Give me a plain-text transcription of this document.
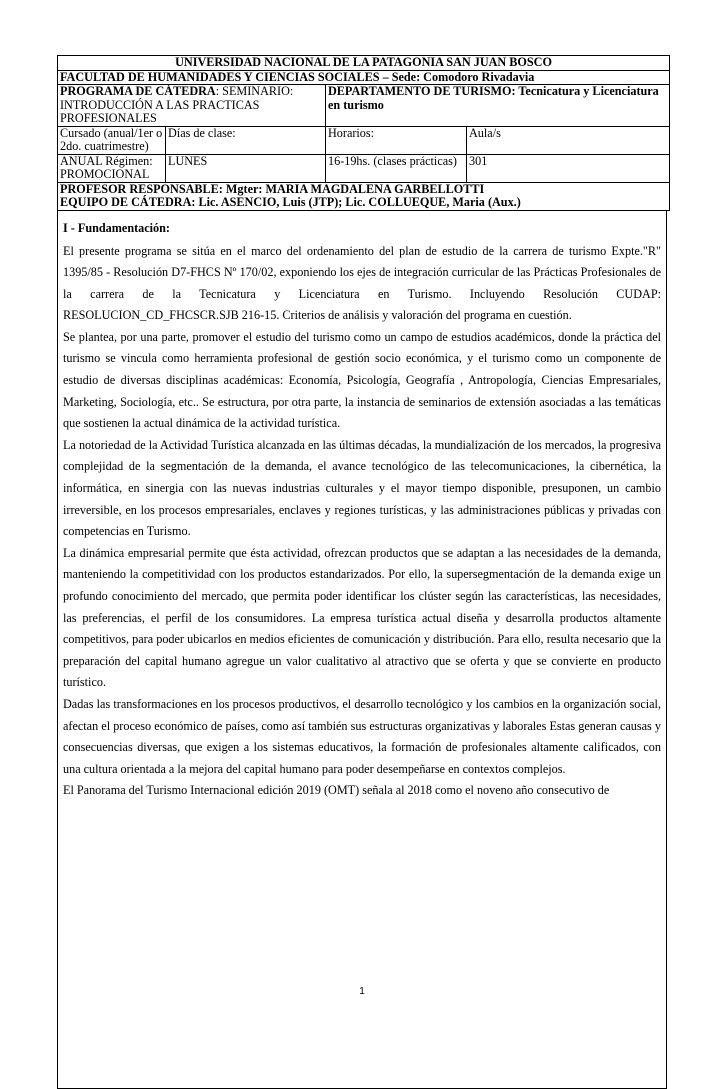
UNIVERSIDAD NACIONAL DE LA PATAGONIA SAN JUAN BOSCO			
FACULTAD DE HUMANIDADES Y CIENCIAS SOCIALES – Sede: Comodoro Rivadavia			
PROGRAMA DE CÁTEDRA: SEMINARIO: INTRODUCCIÓN A LAS PRACTICAS PROFESIONALES		DEPARTAMENTO DE TURISMO: Tecnicatura y Licenciatura en turismo	
Cursado (anual/1er o 2do. cuatrimestre)	Días de clase:	Horarios:	Aula/s
ANUAL Régimen: PROMOCIONAL	LUNES	16-19hs. (clases prácticas)	301

PROFESOR RESPONSABLE: Mgter: MARIA MAGDALENA GARBELLOTTI
EQUIPO DE CÁTEDRA: Lic. ASENCIO, Luis (JTP); Lic. COLLUEQUE, Maria (Aux.)			
I - Fundamentación:

El presente programa se sitúa en el marco del ordenamiento del plan de estudio de la carrera de turismo Expte."R" 1395/85 - Resolución D7-FHCS Nº 170/02, exponiendo los ejes de integración curricular de las Prácticas Profesionales de la carrera de la Tecnicatura y Licenciatura en Turismo. Incluyendo Resolución CUDAP: RESOLUCION_CD_FHCSCR.SJB 216-15. Criterios de análisis y valoración del programa en cuestión.

Se plantea, por una parte, promover el estudio del turismo como un campo de estudios académicos, donde la práctica del turismo se vincula como herramienta profesional de gestión socio económica, y el turismo como un componente de estudio de diversas disciplinas académicas: Economía, Psicología, Geografía , Antropología, Ciencias Empresariales, Marketing, Sociología, etc.. Se estructura, por otra parte, la instancia de seminarios de extensión asociadas a las temáticas que sostienen la actual dinámica de la actividad turística.

La notoriedad de la Actividad Turística alcanzada en las últimas décadas, la mundialización de los mercados, la progresiva complejidad de la segmentación de la demanda, el avance tecnológico de las telecomunicaciones, la cibernética, la informática, en sinergia con las nuevas industrias culturales y el mayor tiempo disponible, presuponen, un cambio irreversible, en los procesos empresariales, enclaves y regiones turísticas, y las administraciones públicas y privadas con competencias en Turismo.

La dinámica empresarial permite que ésta actividad, ofrezcan productos que se adaptan a las necesidades de la demanda, manteniendo la competitividad con los productos estandarizados. Por ello, la supersegmentación de la demanda exige un profundo conocimiento del mercado, que permita poder identificar los clúster según las características, las necesidades, las preferencias, el perfil de los consumidores. La empresa turística actual diseña y desarrolla productos altamente competitivos, para poder ubicarlos en medios eficientes de comunicación y distribución. Para ello, resulta necesario que la preparación del capital humano agregue un valor cualitativo al atractivo que se oferta y que se convierte en producto turístico.

Dadas las transformaciones en los procesos productivos, el desarrollo tecnológico y los cambios en la organización social, afectan el proceso económico de países, como así también sus estructuras organizativas y laborales Estas generan causas y consecuencias diversas, que exigen a los sistemas educativos, la formación de profesionales altamente calificados, con una cultura orientada a la mejora del capital humano para poder desempeñarse en contextos complejos.

El Panorama del Turismo Internacional edición 2019 (OMT) señala al 2018 como el noveno año consecutivo de

1
